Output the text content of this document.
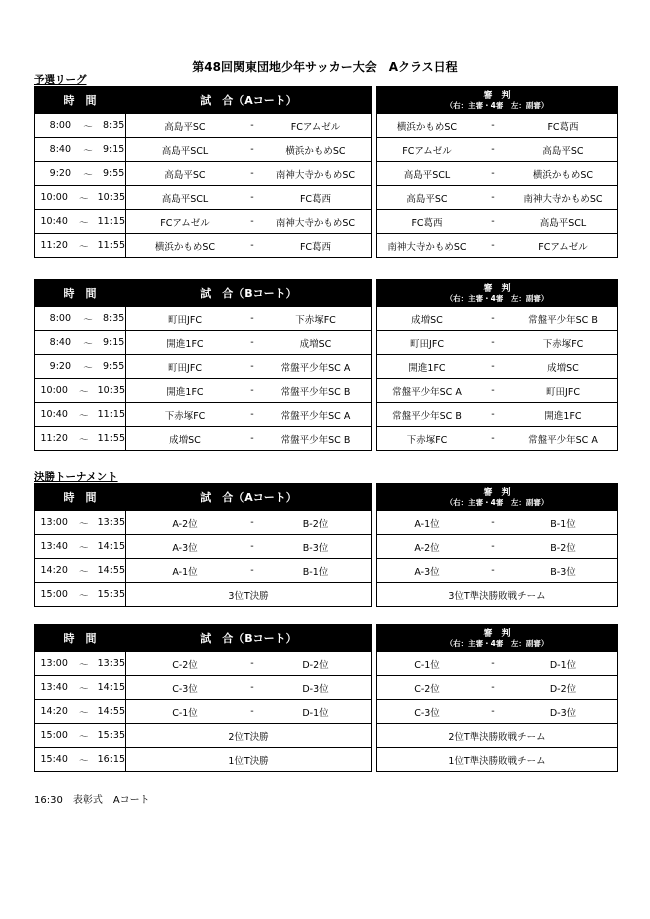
第48回関東団地少年サッカー大会　Aクラス日程
予選リーグ
時　間	試　合（Aコート）		審　判
（右：主審・4審　左：副審）

8:00 〜 8:35	高島平SC - FCアムゼル		横浜かもめSC - FC葛西

8:40 〜 9:15	高島平SCL - 横浜かもめSC		FCアムゼル - 高島平SC

9:20 〜 9:55	高島平SC - 南神大寺かもめSC		高島平SCL - 横浜かもめSC

10:00 〜 10:35	高島平SCL - FC葛西		高島平SC - 南神大寺かもめSC

10:40 〜 11:15	FCアムゼル - 南神大寺かもめSC		FC葛西 - 高島平SCL

11:20 〜 11:55	横浜かもめSC - FC葛西		南神大寺かもめSC - FCアムゼル
時　間	試　合（Bコート）		審　判
（右：主審・4審　左：副審）

8:00 〜 8:35	町田JFC - 下赤塚FC		成増SC - 常盤平少年SC B

8:40 〜 9:15	開進1FC - 成増SC		町田JFC - 下赤塚FC

9:20 〜 9:55	町田JFC - 常盤平少年SC A		開進1FC - 成増SC

10:00 〜 10:35	開進1FC - 常盤平少年SC B		常盤平少年SC A - 町田JFC

10:40 〜 11:15	下赤塚FC - 常盤平少年SC A		常盤平少年SC B - 開進1FC

11:20 〜 11:55	成増SC - 常盤平少年SC B		下赤塚FC - 常盤平少年SC A
決勝トーナメント
時　間	試　合（Aコート）		審　判
（右：主審・4審　左：副審）

13:00 〜 13:35	A-2位 - B-2位		A-1位 - B-1位

13:40 〜 14:15	A-3位 - B-3位		A-2位 - B-2位

14:20 〜 14:55	A-1位 - B-1位		A-3位 - B-3位

15:00 〜 15:35	3位T決勝		3位T準決勝敗戦チーム
時　間	試　合（Bコート）		審　判
（右：主審・4審　左：副審）

13:00 〜 13:35	C-2位 - D-2位		C-1位 - D-1位

13:40 〜 14:15	C-3位 - D-3位		C-2位 - D-2位

14:20 〜 14:55	C-1位 - D-1位		C-3位 - D-3位

15:00 〜 15:35	2位T決勝		2位T準決勝敗戦チーム

15:40 〜 16:15	1位T決勝		1位T準決勝敗戦チーム
16:30　表彰式　Aコート
